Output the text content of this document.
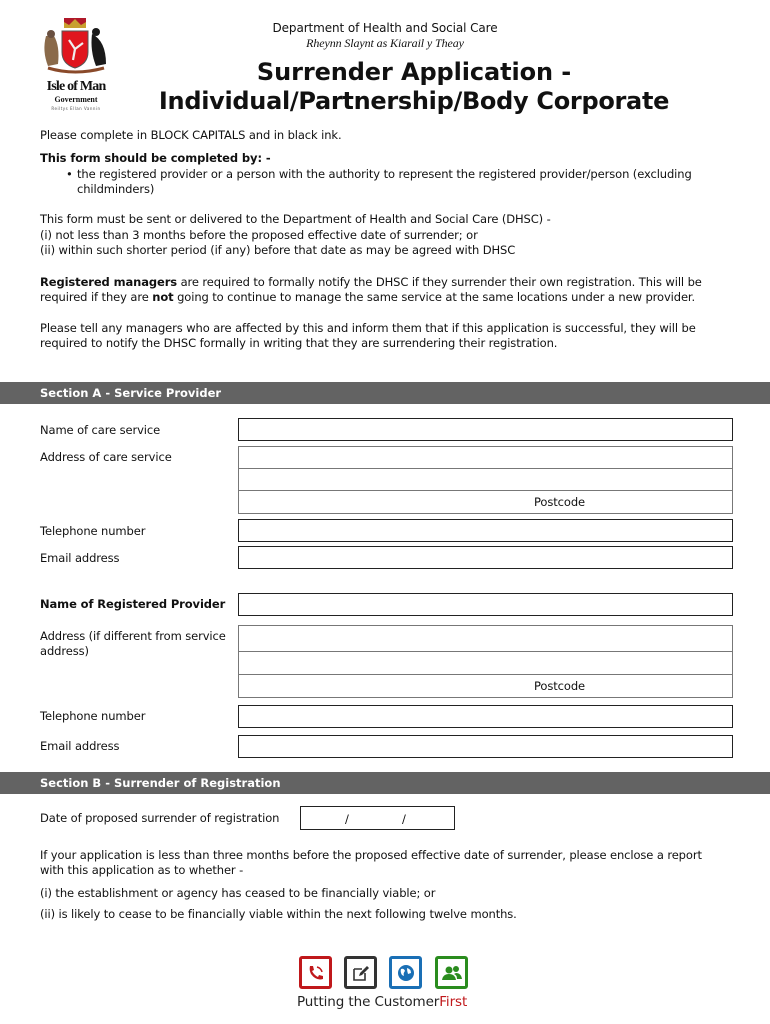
Isle of Man
Government
Reiltys Ellan Vannin
Department of Health and Social Care
Rheynn Slaynt as Kiarail y Theay
Surrender Application -
Individual/Partnership/Body Corporate
Please complete in BLOCK CAPITALS and in black ink.
This form should be completed by: -
• the registered provider or a person with the authority to represent the registered provider/person (excluding
childminders)
This form must be sent or delivered to the Department of Health and Social Care (DHSC) -
(i) not less than 3 months before the proposed effective date of surrender; or
(ii) within such shorter period (if any) before that date as may be agreed with DHSC
Registered managers are required to formally notify the DHSC if they surrender their own registration. This will be
required if they are not going to continue to manage the same service at the same locations under a new provider.
Please tell any managers who are affected by this and inform them that if this application is successful, they will be
required to notify the DHSC formally in writing that they are surrendering their registration.
Section A - Service Provider
Name of care service
Address of care service
Postcode
Telephone number
Email address
Name of Registered Provider
Address (if different from service
address)
Postcode
Telephone number
Email address
Section B - Surrender of Registration
Date of proposed surrender of registration	/	/
If your application is less than three months before the proposed effective date of surrender, please enclose a report
with this application as to whether -
(i) the establishment or agency has ceased to be financially viable; or
(ii) is likely to cease to be financially viable within the next following twelve months.
Putting the CustomerFirst
